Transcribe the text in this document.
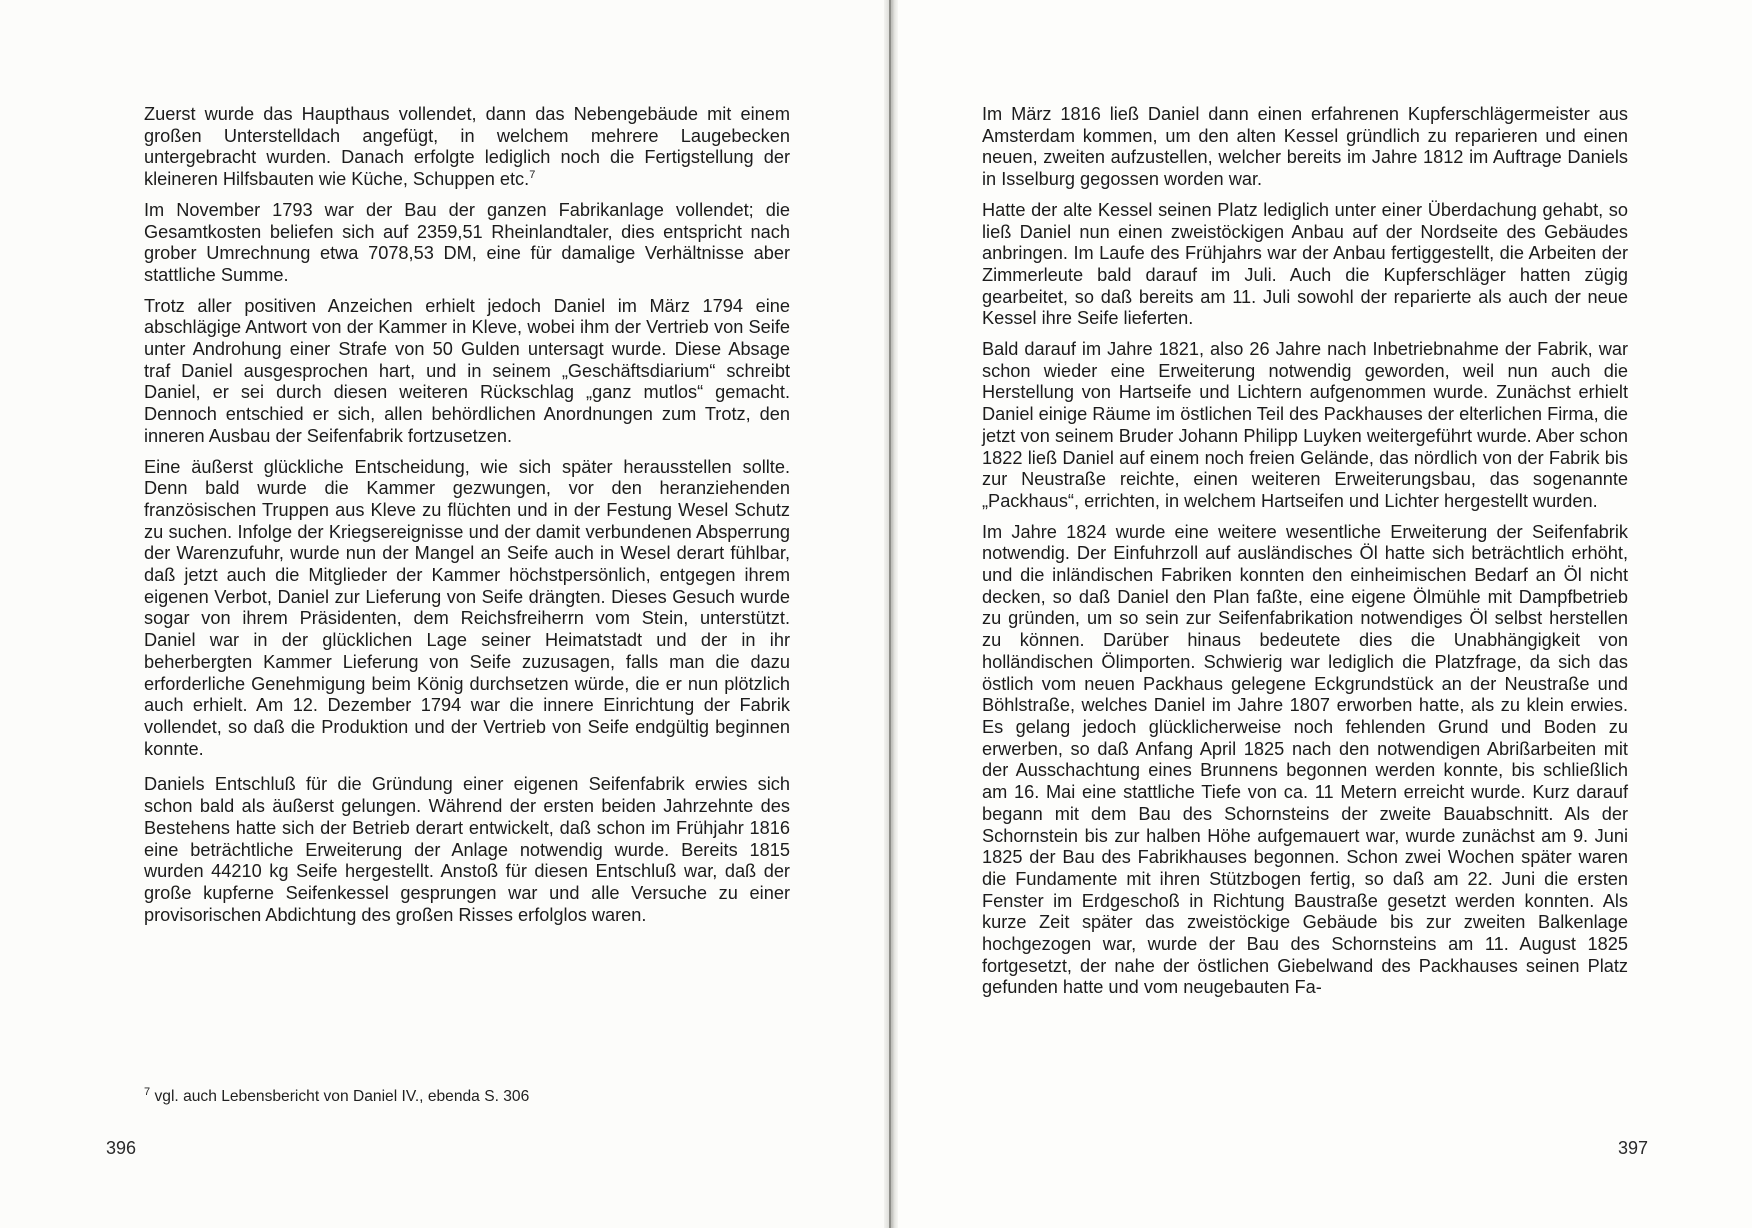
Zuerst wurde das Haupthaus vollendet, dann das Nebengebäude mit einem großen Unterstelldach angefügt, in welchem mehrere Laugebecken untergebracht wurden. Danach erfolgte lediglich noch die Fertigstellung der kleineren Hilfsbauten wie Küche, Schuppen etc.$^7$

Im November 1793 war der Bau der ganzen Fabrikanlage vollendet; die Gesamtkosten beliefen sich auf 2359,51 Rheinlandtaler, dies entspricht nach grober Umrechnung etwa 7078,53 DM, eine für damalige Verhältnisse aber stattliche Summe.

Trotz aller positiven Anzeichen erhielt jedoch Daniel im März 1794 eine abschlägige Antwort von der Kammer in Kleve, wobei ihm der Vertrieb von Seife unter Androhung einer Strafe von 50 Gulden untersagt wurde. Diese Absage traf Daniel ausgesprochen hart, und in seinem „Geschäftsdiarium“ schreibt Daniel, er sei durch diesen weiteren Rückschlag „ganz mutlos“ gemacht. Dennoch entschied er sich, allen behördlichen Anordnungen zum Trotz, den inneren Ausbau der Seifenfabrik fortzusetzen.

Eine äußerst glückliche Entscheidung, wie sich später herausstellen sollte. Denn bald wurde die Kammer gezwungen, vor den heranziehenden französischen Truppen aus Kleve zu flüchten und in der Festung Wesel Schutz zu suchen. Infolge der Kriegsereignisse und der damit verbundenen Absperrung der Warenzufuhr, wurde nun der Mangel an Seife auch in Wesel derart fühlbar, daß jetzt auch die Mitglieder der Kammer höchstpersönlich, entgegen ihrem eigenen Verbot, Daniel zur Lieferung von Seife drängten. Dieses Gesuch wurde sogar von ihrem Präsidenten, dem Reichsfreiherrn vom Stein, unterstützt. Daniel war in der glücklichen Lage seiner Heimatstadt und der in ihr beherbergten Kammer Lieferung von Seife zuzusagen, falls man die dazu erforderliche Genehmigung beim König durchsetzen würde, die er nun plötzlich auch erhielt. Am 12. Dezember 1794 war die innere Einrichtung der Fabrik vollendet, so daß die Produktion und der Vertrieb von Seife endgültig beginnen konnte.

Daniels Entschluß für die Gründung einer eigenen Seifenfabrik erwies sich schon bald als äußerst gelungen. Während der ersten beiden Jahrzehnte des Bestehens hatte sich der Betrieb derart entwickelt, daß schon im Frühjahr 1816 eine beträchtliche Erweiterung der Anlage notwendig wurde. Bereits 1815 wurden 44210 kg Seife hergestellt. Anstoß für diesen Entschluß war, daß der große kupferne Seifenkessel gesprungen war und alle Versuche zu einer provisorischen Abdichtung des großen Risses erfolglos waren.

$^7$ vgl. auch Lebensbericht von Daniel IV., ebenda S. 306
396

Im März 1816 ließ Daniel dann einen erfahrenen Kupferschlägermeister aus Amsterdam kommen, um den alten Kessel gründlich zu reparieren und einen neuen, zweiten aufzustellen, welcher bereits im Jahre 1812 im Auftrage Daniels in Isselburg gegossen worden war.

Hatte der alte Kessel seinen Platz lediglich unter einer Überdachung gehabt, so ließ Daniel nun einen zweistöckigen Anbau auf der Nordseite des Gebäudes anbringen. Im Laufe des Frühjahrs war der Anbau fertiggestellt, die Arbeiten der Zimmerleute bald darauf im Juli. Auch die Kupferschläger hatten zügig gearbeitet, so daß bereits am 11. Juli sowohl der reparierte als auch der neue Kessel ihre Seife lieferten.

Bald darauf im Jahre 1821, also 26 Jahre nach Inbetriebnahme der Fabrik, war schon wieder eine Erweiterung notwendig geworden, weil nun auch die Herstellung von Hartseife und Lichtern aufgenommen wurde. Zunächst erhielt Daniel einige Räume im östlichen Teil des Packhauses der elterlichen Firma, die jetzt von seinem Bruder Johann Philipp Luyken weitergeführt wurde. Aber schon 1822 ließ Daniel auf einem noch freien Gelände, das nördlich von der Fabrik bis zur Neustraße reichte, einen weiteren Erweiterungsbau, das sogenannte „Packhaus“, errichten, in welchem Hartseifen und Lichter hergestellt wurden.

Im Jahre 1824 wurde eine weitere wesentliche Erweiterung der Seifenfabrik notwendig. Der Einfuhrzoll auf ausländisches Öl hatte sich beträchtlich erhöht, und die inländischen Fabriken konnten den einheimischen Bedarf an Öl nicht decken, so daß Daniel den Plan faßte, eine eigene Ölmühle mit Dampfbetrieb zu gründen, um so sein zur Seifenfabrikation notwendiges Öl selbst herstellen zu können. Darüber hinaus bedeutete dies die Unabhängigkeit von holländischen Ölimporten. Schwierig war lediglich die Platzfrage, da sich das östlich vom neuen Packhaus gelegene Eckgrundstück an der Neustraße und Böhlstraße, welches Daniel im Jahre 1807 erworben hatte, als zu klein erwies. Es gelang jedoch glücklicherweise noch fehlenden Grund und Boden zu erwerben, so daß Anfang April 1825 nach den notwendigen Abrißarbeiten mit der Ausschachtung eines Brunnens begonnen werden konnte, bis schließlich am 16. Mai eine stattliche Tiefe von ca. 11 Metern erreicht wurde. Kurz darauf begann mit dem Bau des Schornsteins der zweite Bauabschnitt. Als der Schornstein bis zur halben Höhe aufgemauert war, wurde zunächst am 9. Juni 1825 der Bau des Fabrikhauses begonnen. Schon zwei Wochen später waren die Fundamente mit ihren Stützbogen fertig, so daß am 22. Juni die ersten Fenster im Erdgeschoß in Richtung Baustraße gesetzt werden konnten. Als kurze Zeit später das zweistöckige Gebäude bis zur zweiten Balkenlage hochgezogen war, wurde der Bau des Schornsteins am 11. August 1825 fortgesetzt, der nahe der östlichen Giebelwand des Packhauses seinen Platz gefunden hatte und vom neugebauten Fa-

397
